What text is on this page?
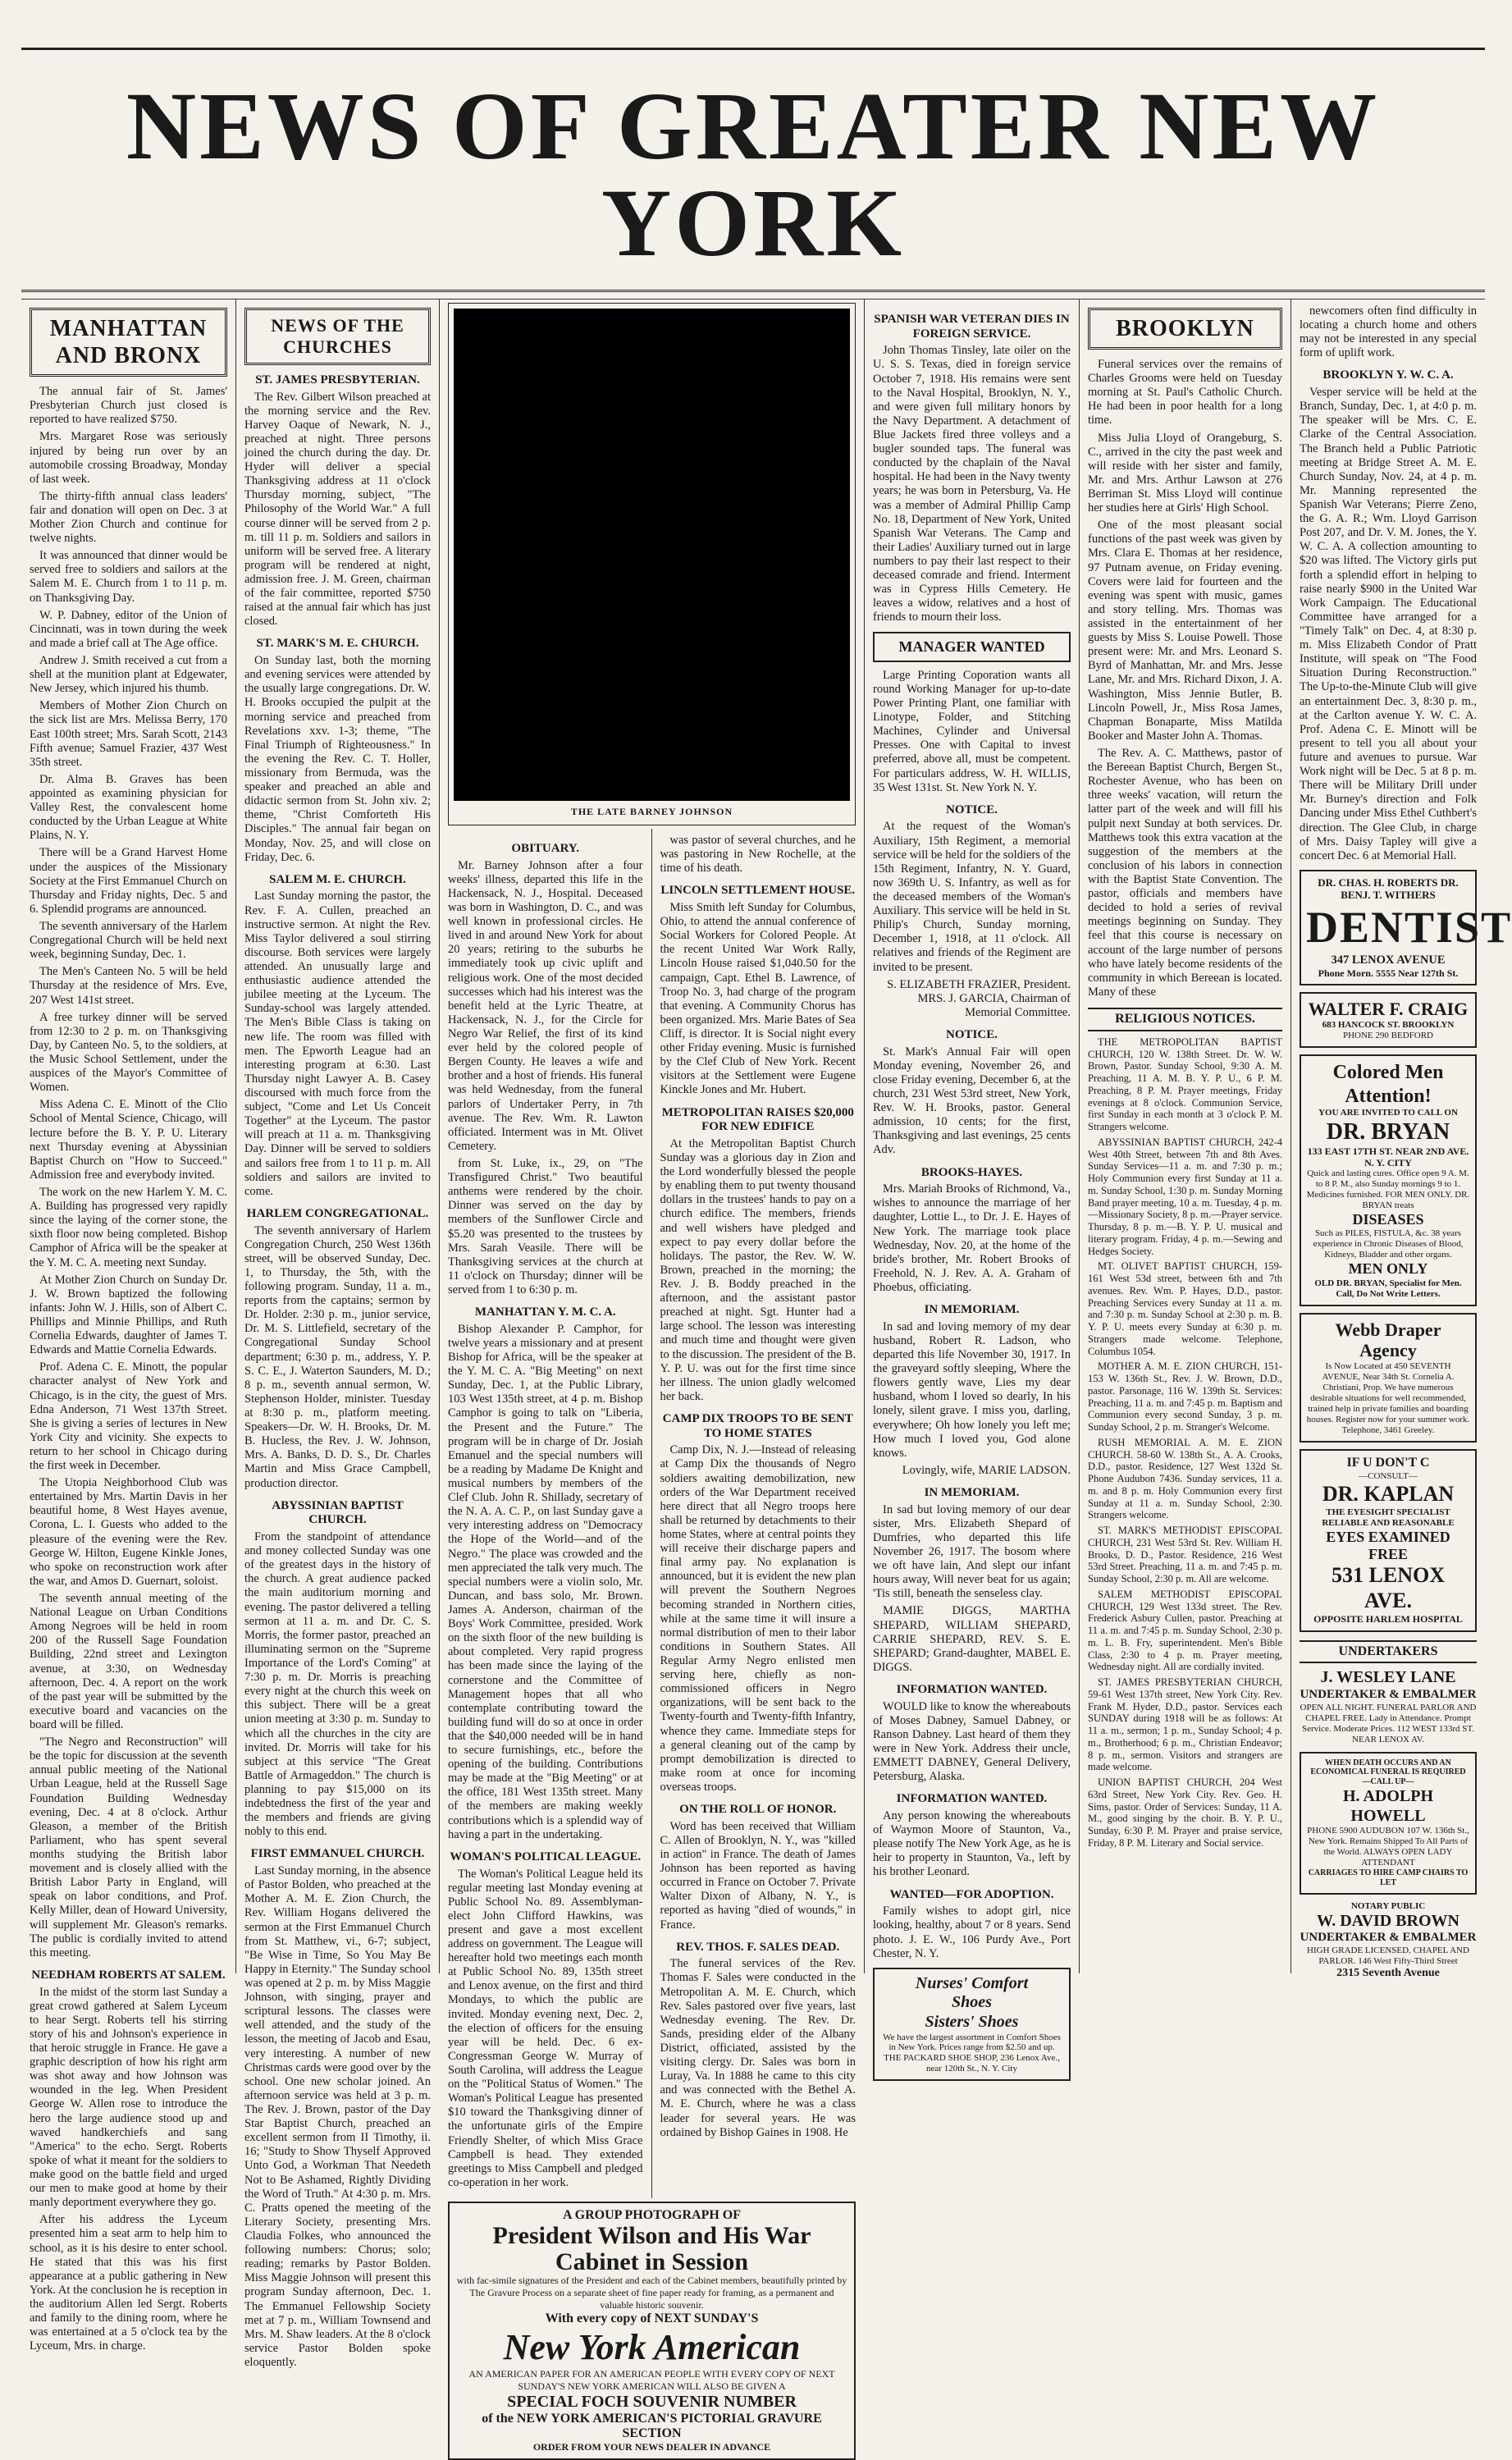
NEWS OF GREATER NEW YORK
MANHATTAN AND BRONX

The annual fair of St. James' Presbyterian Church just closed is reported to have realized $750.

Mrs. Margaret Rose was seriously injured by being run over by an automobile crossing Broadway, Monday of last week.

The thirty-fifth annual class leaders' fair and donation will open on Dec. 3 at Mother Zion Church and continue for twelve nights.

It was announced that dinner would be served free to soldiers and sailors at the Salem M. E. Church from 1 to 11 p. m. on Thanksgiving Day.

W. P. Dabney, editor of the Union of Cincinnati, was in town during the week and made a brief call at The Age office.

Andrew J. Smith received a cut from a shell at the munition plant at Edgewater, New Jersey, which injured his thumb.

Members of Mother Zion Church on the sick list are Mrs. Melissa Berry, 170 East 100th street; Mrs. Sarah Scott, 2143 Fifth avenue; Samuel Frazier, 437 West 35th street.

Dr. Alma B. Graves has been appointed as examining physician for Valley Rest, the convalescent home conducted by the Urban League at White Plains, N. Y.

There will be a Grand Harvest Home under the auspices of the Missionary Society at the First Emmanuel Church on Thursday and Friday nights, Dec. 5 and 6. Splendid programs are announced.

The seventh anniversary of the Harlem Congregational Church will be held next week, beginning Sunday, Dec. 1.

The Men's Canteen No. 5 will be held Thursday at the residence of Mrs. Eve, 207 West 141st street.

A free turkey dinner will be served from 12:30 to 2 p. m. on Thanksgiving Day, by Canteen No. 5, to the soldiers, at the Music School Settlement, under the auspices of the Mayor's Committee of Women.

Miss Adena C. E. Minott of the Clio School of Mental Science, Chicago, will lecture before the B. Y. P. U. Literary next Thursday evening at Abyssinian Baptist Church on "How to Succeed." Admission free and everybody invited.

The work on the new Harlem Y. M. C. A. Building has progressed very rapidly since the laying of the corner stone, the sixth floor now being completed. Bishop Camphor of Africa will be the speaker at the Y. M. C. A. meeting next Sunday.

At Mother Zion Church on Sunday Dr. J. W. Brown baptized the following infants: John W. J. Hills, son of Albert C. Phillips and Minnie Phillips, and Ruth Cornelia Edwards, daughter of James T. Edwards and Mattie Cornelia Edwards.

Prof. Adena C. E. Minott, the popular character analyst of New York and Chicago, is in the city, the guest of Mrs. Edna Anderson, 71 West 137th Street. She is giving a series of lectures in New York City and vicinity. She expects to return to her school in Chicago during the first week in December.

The Utopia Neighborhood Club was entertained by Mrs. Martin Davis in her beautiful home, 8 West Hayes avenue, Corona, L. I. Guests who added to the pleasure of the evening were the Rev. George W. Hilton, Eugene Kinkle Jones, who spoke on reconstruction work after the war, and Amos D. Guernart, soloist.

The seventh annual meeting of the National League on Urban Conditions Among Negroes will be held in room 200 of the Russell Sage Foundation Building, 22nd street and Lexington avenue, at 3:30, on Wednesday afternoon, Dec. 4. A report on the work of the past year will be submitted by the executive board and vacancies on the board will be filled.

"The Negro and Reconstruction" will be the topic for discussion at the seventh annual public meeting of the National Urban League, held at the Russell Sage Foundation Building Wednesday evening, Dec. 4 at 8 o'clock. Arthur Gleason, a member of the British Parliament, who has spent several months studying the British labor movement and is closely allied with the British Labor Party in England, will speak on labor conditions, and Prof. Kelly Miller, dean of Howard University, will supplement Mr. Gleason's remarks. The public is cordially invited to attend this meeting.

NEEDHAM ROBERTS AT SALEM.

In the midst of the storm last Sunday a great crowd gathered at Salem Lyceum to hear Sergt. Roberts tell his stirring story of his and Johnson's experience in that heroic struggle in France. He gave a graphic description of how his right arm was shot away and how Johnson was wounded in the leg. When President George W. Allen rose to introduce the hero the large audience stood up and waved handkerchiefs and sang "America" to the echo. Sergt. Roberts spoke of what it meant for the soldiers to make good on the battle field and urged our men to make good at home by their manly deportment everywhere they go.

After his address the Lyceum presented him a seat arm to help him to school, as it is his desire to enter school. He stated that this was his first appearance at a public gathering in New York. At the conclusion he is reception in the auditorium Allen led Sergt. Roberts and family to the dining room, where he was entertained at a 5 o'clock tea by the Lyceum, Mrs. in charge.

NEWS OF THE CHURCHES
ST. JAMES PRESBYTERIAN.

The Rev. Gilbert Wilson preached at the morning service and the Rev. Harvey Oaque of Newark, N. J., preached at night. Three persons joined the church during the day. Dr. Hyder will deliver a special Thanksgiving address at 11 o'clock Thursday morning, subject, "The Philosophy of the World War." A full course dinner will be served from 2 p. m. till 11 p. m. Soldiers and sailors in uniform will be served free. A literary program will be rendered at night, admission free. J. M. Green, chairman of the fair committee, reported $750 raised at the annual fair which has just closed.

ST. MARK'S M. E. CHURCH.

On Sunday last, both the morning and evening services were attended by the usually large congregations. Dr. W. H. Brooks occupied the pulpit at the morning service and preached from Revelations xxv. 1-3; theme, "The Final Triumph of Righteousness." In the evening the Rev. C. T. Holler, missionary from Bermuda, was the speaker and preached an able and didactic sermon from St. John xiv. 2; theme, "Christ Comforteth His Disciples." The annual fair began on Monday, Nov. 25, and will close on Friday, Dec. 6.

SALEM M. E. CHURCH.

Last Sunday morning the pastor, the Rev. F. A. Cullen, preached an instructive sermon. At night the Rev. Miss Taylor delivered a soul stirring discourse. Both services were largely attended. An unusually large and enthusiastic audience attended the jubilee meeting at the Lyceum. The Sunday-school was largely attended. The Men's Bible Class is taking on new life. The room was filled with men. The Epworth League had an interesting program at 6:30. Last Thursday night Lawyer A. B. Casey discoursed with much force from the subject, "Come and Let Us Conceit Together" at the Lyceum. The pastor will preach at 11 a. m. Thanksgiving Day. Dinner will be served to soldiers and sailors free from 1 to 11 p. m. All soldiers and sailors are invited to come.

HARLEM CONGREGATIONAL.

The seventh anniversary of Harlem Congregation Church, 250 West 136th street, will be observed Sunday, Dec. 1, to Thursday, the 5th, with the following program. Sunday, 11 a. m., reports from the captains; sermon by Dr. Holder. 2:30 p. m., junior service, Dr. M. S. Littlefield, secretary of the Congregational Sunday School department; 6:30 p. m., address, Y. P. S. C. E., J. Waterton Saunders, M. D.; 8 p. m., seventh annual sermon, W. Stephenson Holder, minister. Tuesday at 8:30 p. m., platform meeting. Speakers—Dr. W. H. Brooks, Dr. M. B. Hucless, the Rev. J. W. Johnson, Mrs. A. Banks, D. D. S., Dr. Charles Martin and Miss Grace Campbell, production director.

ABYSSINIAN BAPTIST CHURCH.

From the standpoint of attendance and money collected Sunday was one of the greatest days in the history of the church. A great audience packed the main auditorium morning and evening. The pastor delivered a telling sermon at 11 a. m. and Dr. C. S. Morris, the former pastor, preached an illuminating sermon on the "Supreme Importance of the Lord's Coming" at 7:30 p. m. Dr. Morris is preaching every night at the church this week on this subject. There will be a great union meeting at 3:30 p. m. Sunday to which all the churches in the city are invited. Dr. Morris will take for his subject at this service "The Great Battle of Armageddon." The church is planning to pay $15,000 on its indebtedness the first of the year and the members and friends are giving nobly to this end.

FIRST EMMANUEL CHURCH.

Last Sunday morning, in the absence of Pastor Bolden, who preached at the Mother A. M. E. Zion Church, the Rev. William Hogans delivered the sermon at the First Emmanuel Church from St. Matthew, vi., 6-7; subject, "Be Wise in Time, So You May Be Happy in Eternity." The Sunday school was opened at 2 p. m. by Miss Maggie Johnson, with singing, prayer and scriptural lessons. The classes were well attended, and the study of the lesson, the meeting of Jacob and Esau, very interesting. A number of new Christmas cards were good over by the school. One new scholar joined. An afternoon service was held at 3 p. m. The Rev. J. Brown, pastor of the Day Star Baptist Church, preached an excellent sermon from II Timothy, ii. 16; "Study to Show Thyself Approved Unto God, a Workman That Needeth Not to Be Ashamed, Rightly Dividing the Word of Truth." At 4:30 p. m. Mrs. C. Pratts opened the meeting of the Literary Society, presenting Mrs. Claudia Folkes, who announced the following numbers: Chorus; solo; reading; remarks by Pastor Bolden. Miss Maggie Johnson will present this program Sunday afternoon, Dec. 1. The Emmanuel Fellowship Society met at 7 p. m., William Townsend and Mrs. M. Shaw leaders. At the 8 o'clock service Pastor Bolden spoke eloquently.

THE LATE BARNEY JOHNSON
OBITUARY.

Mr. Barney Johnson after a four weeks' illness, departed this life in the Hackensack, N. J., Hospital. Deceased was born in Washington, D. C., and was well known in professional circles. He lived in and around New York for about 20 years; retiring to the suburbs he immediately took up civic uplift and religious work. One of the most decided successes which had his interest was the benefit held at the Lyric Theatre, at Hackensack, N. J., for the Circle for Negro War Relief, the first of its kind ever held by the colored people of Bergen County. He leaves a wife and brother and a host of friends. His funeral was held Wednesday, from the funeral parlors of Undertaker Perry, in 7th avenue. The Rev. Wm. R. Lawton officiated. Interment was in Mt. Olivet Cemetery.

from St. Luke, ix., 29, on "The Transfigured Christ." Two beautiful anthems were rendered by the choir. Dinner was served on the day by members of the Sunflower Circle and $5.20 was presented to the trustees by Mrs. Sarah Veasile. There will be Thanksgiving services at the church at 11 o'clock on Thursday; dinner will be served from 1 to 6:30 p. m.

MANHATTAN Y. M. C. A.

Bishop Alexander P. Camphor, for twelve years a missionary and at present Bishop for Africa, will be the speaker at the Y. M. C. A. "Big Meeting" on next Sunday, Dec. 1, at the Public Library, 103 West 135th street, at 4 p. m. Bishop Camphor is going to talk on "Liberia, the Present and the Future." The program will be in charge of Dr. Josiah Emanuel and the special numbers will be a reading by Madame De Knight and musical numbers by members of the Clef Club. John R. Shillady, secretary of the N. A. A. C. P., on last Sunday gave a very interesting address on "Democracy the Hope of the World—and of the Negro." The place was crowded and the men appreciated the talk very much. The special numbers were a violin solo, Mr. Duncan, and bass solo, Mr. Brown. James A. Anderson, chairman of the Boys' Work Committee, presided. Work on the sixth floor of the new building is about completed. Very rapid progress has been made since the laying of the cornerstone and the Committee of Management hopes that all who contemplate contributing toward the building fund will do so at once in order that the $40,000 needed will be in hand to secure furnishings, etc., before the opening of the building. Contributions may be made at the "Big Meeting" or at the office, 181 West 135th street. Many of the members are making weekly contributions which is a splendid way of having a part in the undertaking.

WOMAN'S POLITICAL LEAGUE.

The Woman's Political League held its regular meeting last Monday evening at Public School No. 89. Assemblyman-elect John Clifford Hawkins, was present and gave a most excellent address on government. The League will hereafter hold two meetings each month at Public School No. 89, 135th street and Lenox avenue, on the first and third Mondays, to which the public are invited. Monday evening next, Dec. 2, the election of officers for the ensuing year will be held. Dec. 6 ex-Congressman George W. Murray of South Carolina, will address the League on the "Political Status of Women." The Woman's Political League has presented $10 toward the Thanksgiving dinner of the unfortunate girls of the Empire Friendly Shelter, of which Miss Grace Campbell is head. They extended greetings to Miss Campbell and pledged co-operation in her work.

was pastor of several churches, and he was pastoring in New Rochelle, at the time of his death.

LINCOLN SETTLEMENT HOUSE.

Miss Smith left Sunday for Columbus, Ohio, to attend the annual conference of Social Workers for Colored People. At the recent United War Work Rally, Lincoln House raised $1,040.50 for the campaign, Capt. Ethel B. Lawrence, of Troop No. 3, had charge of the program that evening. A Community Chorus has been organized. Mrs. Marie Bates of Sea Cliff, is director. It is Social night every other Friday evening. Music is furnished by the Clef Club of New York. Recent visitors at the Settlement were Eugene Kinckle Jones and Mr. Hubert.

METROPOLITAN RAISES $20,000 FOR NEW EDIFICE

At the Metropolitan Baptist Church Sunday was a glorious day in Zion and the Lord wonderfully blessed the people by enabling them to put twenty thousand dollars in the trustees' hands to pay on a church edifice. The members, friends and well wishers have pledged and expect to pay every dollar before the holidays. The pastor, the Rev. W. W. Brown, preached in the morning; the Rev. J. B. Boddy preached in the afternoon, and the assistant pastor preached at night. Sgt. Hunter had a large school. The lesson was interesting and much time and thought were given to the discussion. The president of the B. Y. P. U. was out for the first time since her illness. The union gladly welcomed her back.

CAMP DIX TROOPS TO BE SENT TO HOME STATES

Camp Dix, N. J.—Instead of releasing at Camp Dix the thousands of Negro soldiers awaiting demobilization, new orders of the War Department received here direct that all Negro troops here shall be returned by detachments to their home States, where at central points they will receive their discharge papers and final army pay. No explanation is announced, but it is evident the new plan will prevent the Southern Negroes becoming stranded in Northern cities, while at the same time it will insure a normal distribution of men to their labor conditions in Southern States. All Regular Army Negro enlisted men serving here, chiefly as non-commissioned officers in Negro organizations, will be sent back to the Twenty-fourth and Twenty-fifth Infantry, whence they came. Immediate steps for a general cleaning out of the camp by prompt demobilization is directed to make room at once for incoming overseas troops.

ON THE ROLL OF HONOR.

Word has been received that William C. Allen of Brooklyn, N. Y., was "killed in action" in France. The death of James Johnson has been reported as having occurred in France on October 7. Private Walter Dixon of Albany, N. Y., is reported as having "died of wounds," in France.

REV. THOS. F. SALES DEAD.

The funeral services of the Rev. Thomas F. Sales were conducted in the Metropolitan A. M. E. Church, which Rev. Sales pastored over five years, last Wednesday evening. The Rev. Dr. Sands, presiding elder of the Albany District, officiated, assisted by the visiting clergy. Dr. Sales was born in Luray, Va. In 1888 he came to this city and was connected with the Bethel A. M. E. Church, where he was a class leader for several years. He was ordained by Bishop Gaines in 1908. He

A GROUP PHOTOGRAPH OF
President Wilson and His War Cabinet in Session
with fac-simile signatures of the President and each of the Cabinet members, beautifully printed by The Gravure Process on a separate sheet of fine paper ready for framing, as a permanent and valuable historic souvenir.
With every copy of NEXT SUNDAY'S
New York American
AN AMERICAN PAPER FOR AN AMERICAN PEOPLE WITH EVERY COPY OF NEXT SUNDAY'S NEW YORK AMERICAN WILL ALSO BE GIVEN A
SPECIAL FOCH SOUVENIR NUMBER
of the NEW YORK AMERICAN'S PICTORIAL GRAVURE SECTION
ORDER FROM YOUR NEWS DEALER IN ADVANCE
SPANISH WAR VETERAN DIES IN FOREIGN SERVICE.

John Thomas Tinsley, late oiler on the U. S. S. Texas, died in foreign service October 7, 1918. His remains were sent to the Naval Hospital, Brooklyn, N. Y., and were given full military honors by the Navy Department. A detachment of Blue Jackets fired three volleys and a bugler sounded taps. The funeral was conducted by the chaplain of the Naval hospital. He had been in the Navy twenty years; he was born in Petersburg, Va. He was a member of Admiral Phillip Camp No. 18, Department of New York, United Spanish War Veterans. The Camp and their Ladies' Auxiliary turned out in large numbers to pay their last respect to their deceased comrade and friend. Interment was in Cypress Hills Cemetery. He leaves a widow, relatives and a host of friends to mourn their loss.

MANAGER WANTED

Large Printing Coporation wants all round Working Manager for up-to-date Power Printing Plant, one familiar with Linotype, Folder, and Stitching Machines, Cylinder and Universal Presses. One with Capital to invest preferred, above all, must be competent. For particulars address, W. H. WILLIS, 35 West 131st. St. New York N. Y.

NOTICE.

At the request of the Woman's Auxiliary, 15th Regiment, a memorial service will be held for the soldiers of the 15th Regiment, Infantry, N. Y. Guard, now 369th U. S. Infantry, as well as for the deceased members of the Woman's Auxiliary. This service will be held in St. Philip's Church, Sunday morning, December 1, 1918, at 11 o'clock. All relatives and friends of the Regiment are invited to be present.

S. ELIZABETH FRAZIER, President. MRS. J. GARCIA, Chairman of Memorial Committee.

NOTICE.

St. Mark's Annual Fair will open Monday evening, November 26, and close Friday evening, December 6, at the church, 231 West 53rd street, New York, Rev. W. H. Brooks, pastor. General admission, 10 cents; for the first, Thanksgiving and last evenings, 25 cents Adv.

BROOKS-HAYES.

Mrs. Mariah Brooks of Richmond, Va., wishes to announce the marriage of her daughter, Lottie L., to Dr. J. E. Hayes of New York. The marriage took place Wednesday, Nov. 20, at the home of the bride's brother, Mr. Robert Brooks of Freehold, N. J. Rev. A. A. Graham of Phoebus, officiating.

IN MEMORIAM.

In sad and loving memory of my dear husband, Robert R. Ladson, who departed this life November 30, 1917. In the graveyard softly sleeping, Where the flowers gently wave, Lies my dear husband, whom I loved so dearly, In his lonely, silent grave. I miss you, darling, everywhere; Oh how lonely you left me; How much I loved you, God alone knows.

Lovingly, wife, MARIE LADSON.

IN MEMORIAM.

In sad but loving memory of our dear sister, Mrs. Elizabeth Shepard of Dumfries, who departed this life November 26, 1917. The bosom where we oft have lain, And slept our infant hours away, Will never beat for us again; 'Tis still, beneath the senseless clay.

MAMIE DIGGS, MARTHA SHEPARD, WILLIAM SHEPARD, CARRIE SHEPARD, REV. S. E. SHEPARD; Grand-daughter, MABEL E. DIGGS.

INFORMATION WANTED.

WOULD like to know the whereabouts of Moses Dabney, Samuel Dabney, or Ranson Dabney. Last heard of them they were in New York. Address their uncle, EMMETT DABNEY, General Delivery, Petersburg, Alaska.

INFORMATION WANTED.

Any person knowing the whereabouts of Waymon Moore of Staunton, Va., please notify The New York Age, as he is heir to property in Staunton, Va., left by his brother Leonard.

WANTED—FOR ADOPTION.

Family wishes to adopt girl, nice looking, healthy, about 7 or 8 years. Send photo. J. E. W., 106 Purdy Ave., Port Chester, N. Y.

Nurses' Comfort
Shoes
Sisters' Shoes
We have the largest assortment in Comfort Shoes in New York. Prices range from $2.50 and up. THE PACKARD SHOE SHOP, 236 Lenox Ave., near 120th St., N. Y. City
BROOKLYN

Funeral services over the remains of Charles Grooms were held on Tuesday morning at St. Paul's Catholic Church. He had been in poor health for a long time.

Miss Julia Lloyd of Orangeburg, S. C., arrived in the city the past week and will reside with her sister and family, Mr. and Mrs. Arthur Lawson at 276 Berriman St. Miss Lloyd will continue her studies here at Girls' High School.

One of the most pleasant social functions of the past week was given by Mrs. Clara E. Thomas at her residence, 97 Putnam avenue, on Friday evening. Covers were laid for fourteen and the evening was spent with music, games and story telling. Mrs. Thomas was assisted in the entertainment of her guests by Miss S. Louise Powell. Those present were: Mr. and Mrs. Leonard S. Byrd of Manhattan, Mr. and Mrs. Jesse Lane, Mr. and Mrs. Richard Dixon, J. A. Washington, Miss Jennie Butler, B. Lincoln Powell, Jr., Miss Rosa James, Chapman Bonaparte, Miss Matilda Booker and Master John A. Thomas.

The Rev. A. C. Matthews, pastor of the Bereean Baptist Church, Bergen St., Rochester Avenue, who has been on three weeks' vacation, will return the latter part of the week and will fill his pulpit next Sunday at both services. Dr. Matthews took this extra vacation at the suggestion of the members at the conclusion of his labors in connection with the Baptist State Convention. The pastor, officials and members have decided to hold a series of revival meetings beginning on Sunday. They feel that this course is necessary on account of the large number of persons who have lately become residents of the community in which Bereean is located. Many of these

RELIGIOUS NOTICES.

THE METROPOLITAN BAPTIST CHURCH, 120 W. 138th Street. Dr. W. W. Brown, Pastor. Sunday School, 9:30 A. M. Preaching, 11 A. M. B. Y. P. U., 6 P. M. Preaching, 8 P. M. Prayer meetings, Friday evenings at 8 o'clock. Communion Service, first Sunday in each month at 3 o'clock P. M. Strangers welcome.

ABYSSINIAN BAPTIST CHURCH, 242-4 West 40th Street, between 7th and 8th Aves. Sunday Services—11 a. m. and 7:30 p. m.; Holy Communion every first Sunday at 11 a. m. Sunday School, 1:30 p. m. Sunday Morning Band prayer meeting, 10 a. m. Tuesday, 4 p. m.—Missionary Society, 8 p. m.—Prayer service. Thursday, 8 p. m.—B. Y. P. U. musical and literary program. Friday, 4 p. m.—Sewing and Hedges Society.

MT. OLIVET BAPTIST CHURCH, 159-161 West 53d street, between 6th and 7th avenues. Rev. Wm. P. Hayes, D.D., pastor. Preaching Services every Sunday at 11 a. m. and 7:30 p. m. Sunday School at 2:30 p. m. B. Y. P. U. meets every Sunday at 6:30 p. m. Strangers made welcome. Telephone, Columbus 1054.

MOTHER A. M. E. ZION CHURCH, 151-153 W. 136th St., Rev. J. W. Brown, D.D., pastor. Parsonage, 116 W. 139th St. Services: Preaching, 11 a. m. and 7:45 p. m. Baptism and Communion every second Sunday, 3 p. m. Sunday School, 2 p. m. Stranger's Welcome.

RUSH MEMORIAL A. M. E. ZION CHURCH. 58-60 W. 138th St., A. A. Crooks, D.D., pastor. Residence, 127 West 132d St. Phone Audubon 7436. Sunday services, 11 a. m. and 8 p. m. Holy Communion every first Sunday at 11 a. m. Sunday School, 2:30. Strangers welcome.

ST. MARK'S METHODIST EPISCOPAL CHURCH, 231 West 53rd St. Rev. William H. Brooks, D. D., Pastor. Residence, 216 West 53rd Street. Preaching, 11 a. m. and 7:45 p. m. Sunday School, 2:30 p. m. All are welcome.

SALEM METHODIST EPISCOPAL CHURCH, 129 West 133d street. The Rev. Frederick Asbury Cullen, pastor. Preaching at 11 a. m. and 7:45 p. m. Sunday School, 2:30 p. m. L. B. Fry, superintendent. Men's Bible Class, 2:30 to 4 p. m. Prayer meeting, Wednesday night. All are cordially invited.

ST. JAMES PRESBYTERIAN CHURCH, 59-61 West 137th street, New York City. Rev. Frank M. Hyder, D.D., pastor. Services each SUNDAY during 1918 will be as follows: At 11 a. m., sermon; 1 p. m., Sunday School; 4 p. m., Brotherhood; 6 p. m., Christian Endeavor; 8 p. m., sermon. Visitors and strangers are made welcome.

UNION BAPTIST CHURCH, 204 West 63rd Street, New York City. Rev. Geo. H. Sims, pastor. Order of Services: Sunday, 11 A. M., good singing by the choir. B. Y. P. U., Sunday, 6:30 P. M. Prayer and praise service, Friday, 8 P. M. Literary and Social service.

newcomers often find difficulty in locating a church home and others may not be interested in any special form of uplift work.

BROOKLYN Y. W. C. A.

Vesper service will be held at the Branch, Sunday, Dec. 1, at 4:0 p. m. The speaker will be Mrs. C. E. Clarke of the Central Association. The Branch held a Public Patriotic meeting at Bridge Street A. M. E. Church Sunday, Nov. 24, at 4 p. m. Mr. Manning represented the Spanish War Veterans; Pierre Zeno, the G. A. R.; Wm. Lloyd Garrison Post 207, and Dr. V. M. Jones, the Y. W. C. A. A collection amounting to $20 was lifted. The Victory girls put forth a splendid effort in helping to raise nearly $900 in the United War Work Campaign. The Educational Committee have arranged for a "Timely Talk" on Dec. 4, at 8:30 p. m. Miss Elizabeth Condor of Pratt Institute, will speak on "The Food Situation During Reconstruction." The Up-to-the-Minute Club will give an entertainment Dec. 3, 8:30 p. m., at the Carlton avenue Y. W. C. A. Prof. Adena C. E. Minott will be present to tell you all about your future and avenues to pursue. War Work night will be Dec. 5 at 8 p. m. There will be Military Drill under Mr. Burney's direction and Folk Dancing under Miss Ethel Cuthbert's direction. The Glee Club, in charge of Mrs. Daisy Tapley will give a concert Dec. 6 at Memorial Hall.

DR. CHAS. H. ROBERTS DR. BENJ. T. WITHERS
DENTIST
347 LENOX AVENUE
Phone Morn. 5555 Near 127th St.
WALTER F. CRAIG
683 HANCOCK ST. BROOKLYN
PHONE 290 BEDFORD
Colored Men
Attention!
YOU ARE INVITED TO CALL ON
DR. BRYAN
133 EAST 17TH ST. NEAR 2ND AVE. N. Y. CITY
Quick and lasting cures. Office open 9 A. M. to 8 P. M., also Sunday mornings 9 to 1. Medicines furnished. FOR MEN ONLY. DR. BRYAN treats
DISEASES
Such as PILES, FISTULA, &c. 38 years experience in Chronic Diseases of Blood, Kidneys, Bladder and other organs.
MEN ONLY
OLD DR. BRYAN, Specialist for Men. Call, Do Not Write Letters.
Webb Draper Agency
Is Now Located at 450 SEVENTH AVENUE, Near 34th St. Cornelia A. Christiani, Prop. We have numerous desirable situations for well recommended, trained help in private families and boarding houses. Register now for your summer work. Telephone, 3461 Greeley.
IF U DON'T C
—CONSULT—
DR. KAPLAN
THE EYESIGHT SPECIALIST RELIABLE AND REASONABLE
EYES EXAMINED FREE
531 LENOX AVE.
OPPOSITE HARLEM HOSPITAL
UNDERTAKERS
J. WESLEY LANE
UNDERTAKER & EMBALMER
OPEN ALL NIGHT. FUNERAL PARLOR AND CHAPEL FREE. Lady in Attendance. Prompt Service. Moderate Prices. 112 WEST 133rd ST. NEAR LENOX AV.
WHEN DEATH OCCURS AND AN ECONOMICAL FUNERAL IS REQUIRED —CALL UP—
H. ADOLPH HOWELL
PHONE 5900 AUDUBON 107 W. 136th St., New York. Remains Shipped To All Parts of the World. ALWAYS OPEN LADY ATTENDANT
CARRIAGES TO HIRE CAMP CHAIRS TO LET
NOTARY PUBLIC
W. DAVID BROWN
UNDERTAKER & EMBALMER
HIGH GRADE LICENSED. CHAPEL AND PARLOR. 146 West Fifty-Third Street
2315 Seventh Avenue
